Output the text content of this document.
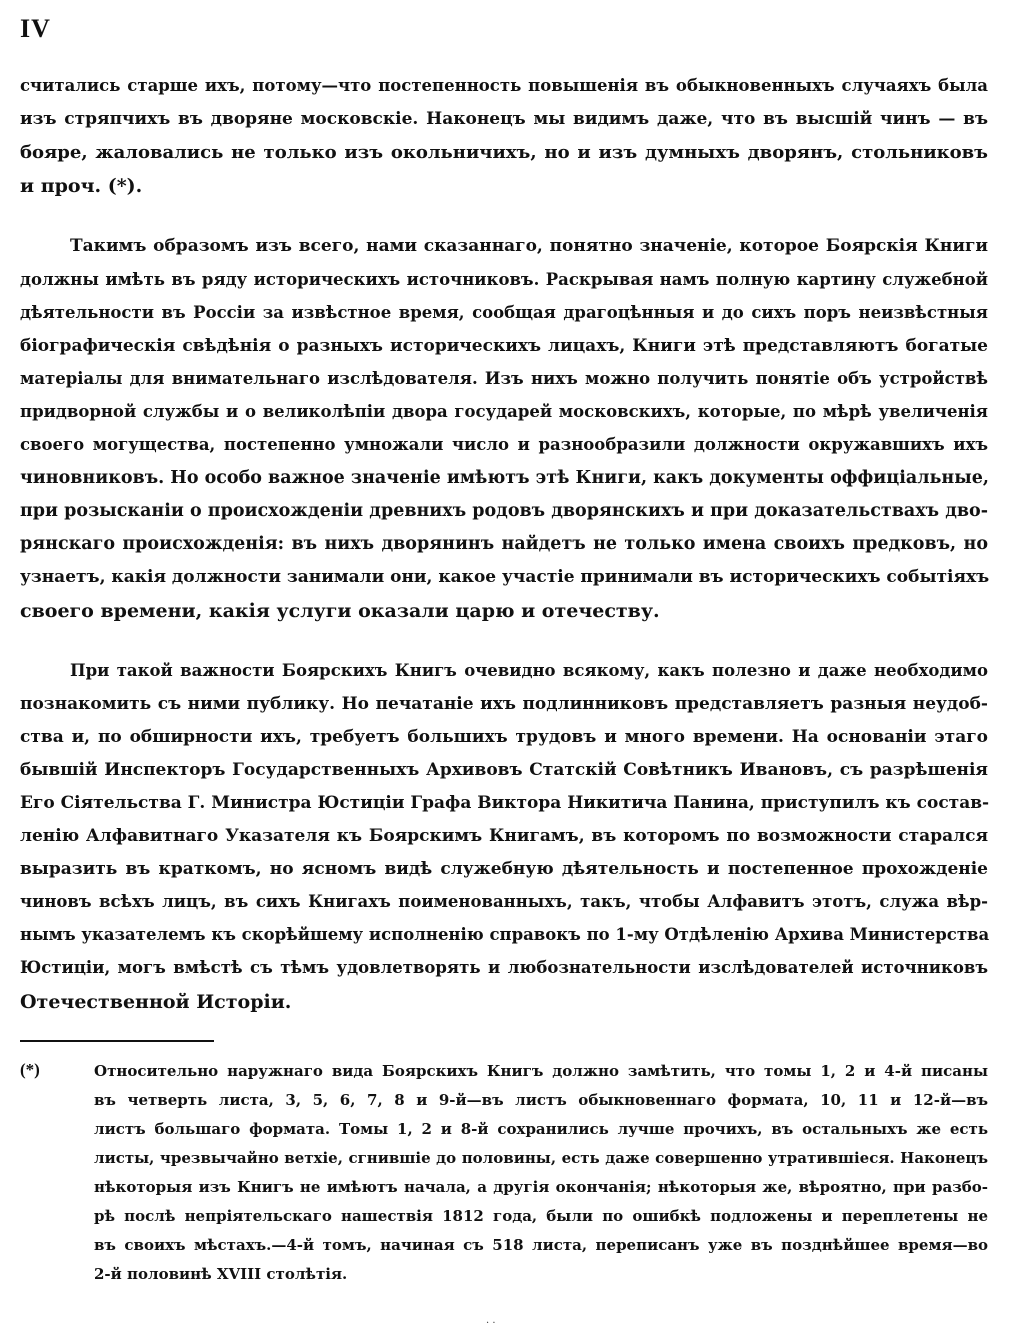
IV
считались старше ихъ, потому—что постепенность повышенія въ обыкновенныхъ случаяхъ была
изъ стряпчихъ въ дворяне московскіе. Наконецъ мы видимъ даже, что въ высшій чинъ — въ
бояре, жаловались не только изъ окольничихъ, но и изъ думныхъ дворянъ, стольниковъ
и проч. (*).
Такимъ образомъ изъ всего, нами сказаннаго, понятно значеніе, которое Боярскія Книги
должны имѣть въ ряду историческихъ источниковъ. Раскрывая намъ полную картину служебной
дѣятельности въ Россіи за извѣстное время, сообщая драгоцѣнныя и до сихъ поръ неизвѣстныя
біографическія свѣдѣнія о разныхъ историческихъ лицахъ, Книги этѣ представляютъ богатые
матеріалы для внимательнаго изслѣдователя. Изъ нихъ можно получить понятіе объ устройствѣ
придворной службы и о великолѣпіи двора государей московскихъ, которые, по мѣрѣ увеличенія
своего могущества, постепенно умножали число и разнообразили должности окружавшихъ ихъ
чиновниковъ. Но особо важное значеніе имѣютъ этѣ Книги, какъ документы оффиціальные,
при розысканіи о происхожденіи древнихъ родовъ дворянскихъ и при доказательствахъ дво-
рянскаго происхожденія: въ нихъ дворянинъ найдетъ не только имена своихъ предковъ, но
узнаетъ, какія должности занимали они, какое участіе принимали въ историческихъ событіяхъ
своего времени, какія услуги оказали царю и отечеству.
При такой важности Боярскихъ Книгъ очевидно всякому, какъ полезно и даже необходимо
познакомить съ ними публику. Но печатаніе ихъ подлинниковъ представляетъ разныя неудоб-
ства и, по обширности ихъ, требуетъ большихъ трудовъ и много времени. На основаніи этаго
бывшій Инспекторъ Государственныхъ Архивовъ Статскій Совѣтникъ Ивановъ, съ разрѣшенія
Его Сіятельства Г. Министра Юстиціи Графа Виктора Никитича Панина, приступилъ къ состав-
ленію Алфавитнаго Указателя къ Боярскимъ Книгамъ, въ которомъ по возможности старался
выразить въ краткомъ, но ясномъ видѣ служебную дѣятельность и постепенное прохожденіе
чиновъ всѣхъ лицъ, въ сихъ Книгахъ поименованныхъ, такъ, чтобы Алфавитъ этотъ, служа вѣр-
нымъ указателемъ къ скорѣйшему исполненію справокъ по 1-му Отдѣленію Архива Министерства
Юстиціи, могъ вмѣстѣ съ тѣмъ удовлетворять и любознательности изслѣдователей источниковъ
Отечественной Исторіи.
(*)	Относительно наружнаго вида Боярскихъ Книгъ должно замѣтить, что томы 1, 2 и 4-й писаны
въ четверть листа, 3, 5, 6, 7, 8 и 9-й—въ листъ обыкновеннаго формата, 10, 11 и 12-й—въ
листъ большаго формата. Томы 1, 2 и 8-й сохранились лучше прочихъ, въ остальныхъ же есть
листы, чрезвычайно ветхіе, сгнившіе до половины, есть даже совершенно утратившіеся. Наконецъ
нѣкоторыя изъ Книгъ не имѣютъ начала, а другія окончанія; нѣкоторыя же, вѣроятно, при разбо-
рѣ послѣ непріятельскаго нашествія 1812 года, были по ошибкѣ подложены и переплетены не
въ своихъ мѣстахъ.—4-й томъ, начиная съ 518 листа, переписанъ уже въ позднѣйшее время—во
2-й половинѣ XVIII столѣтія.
· ·
